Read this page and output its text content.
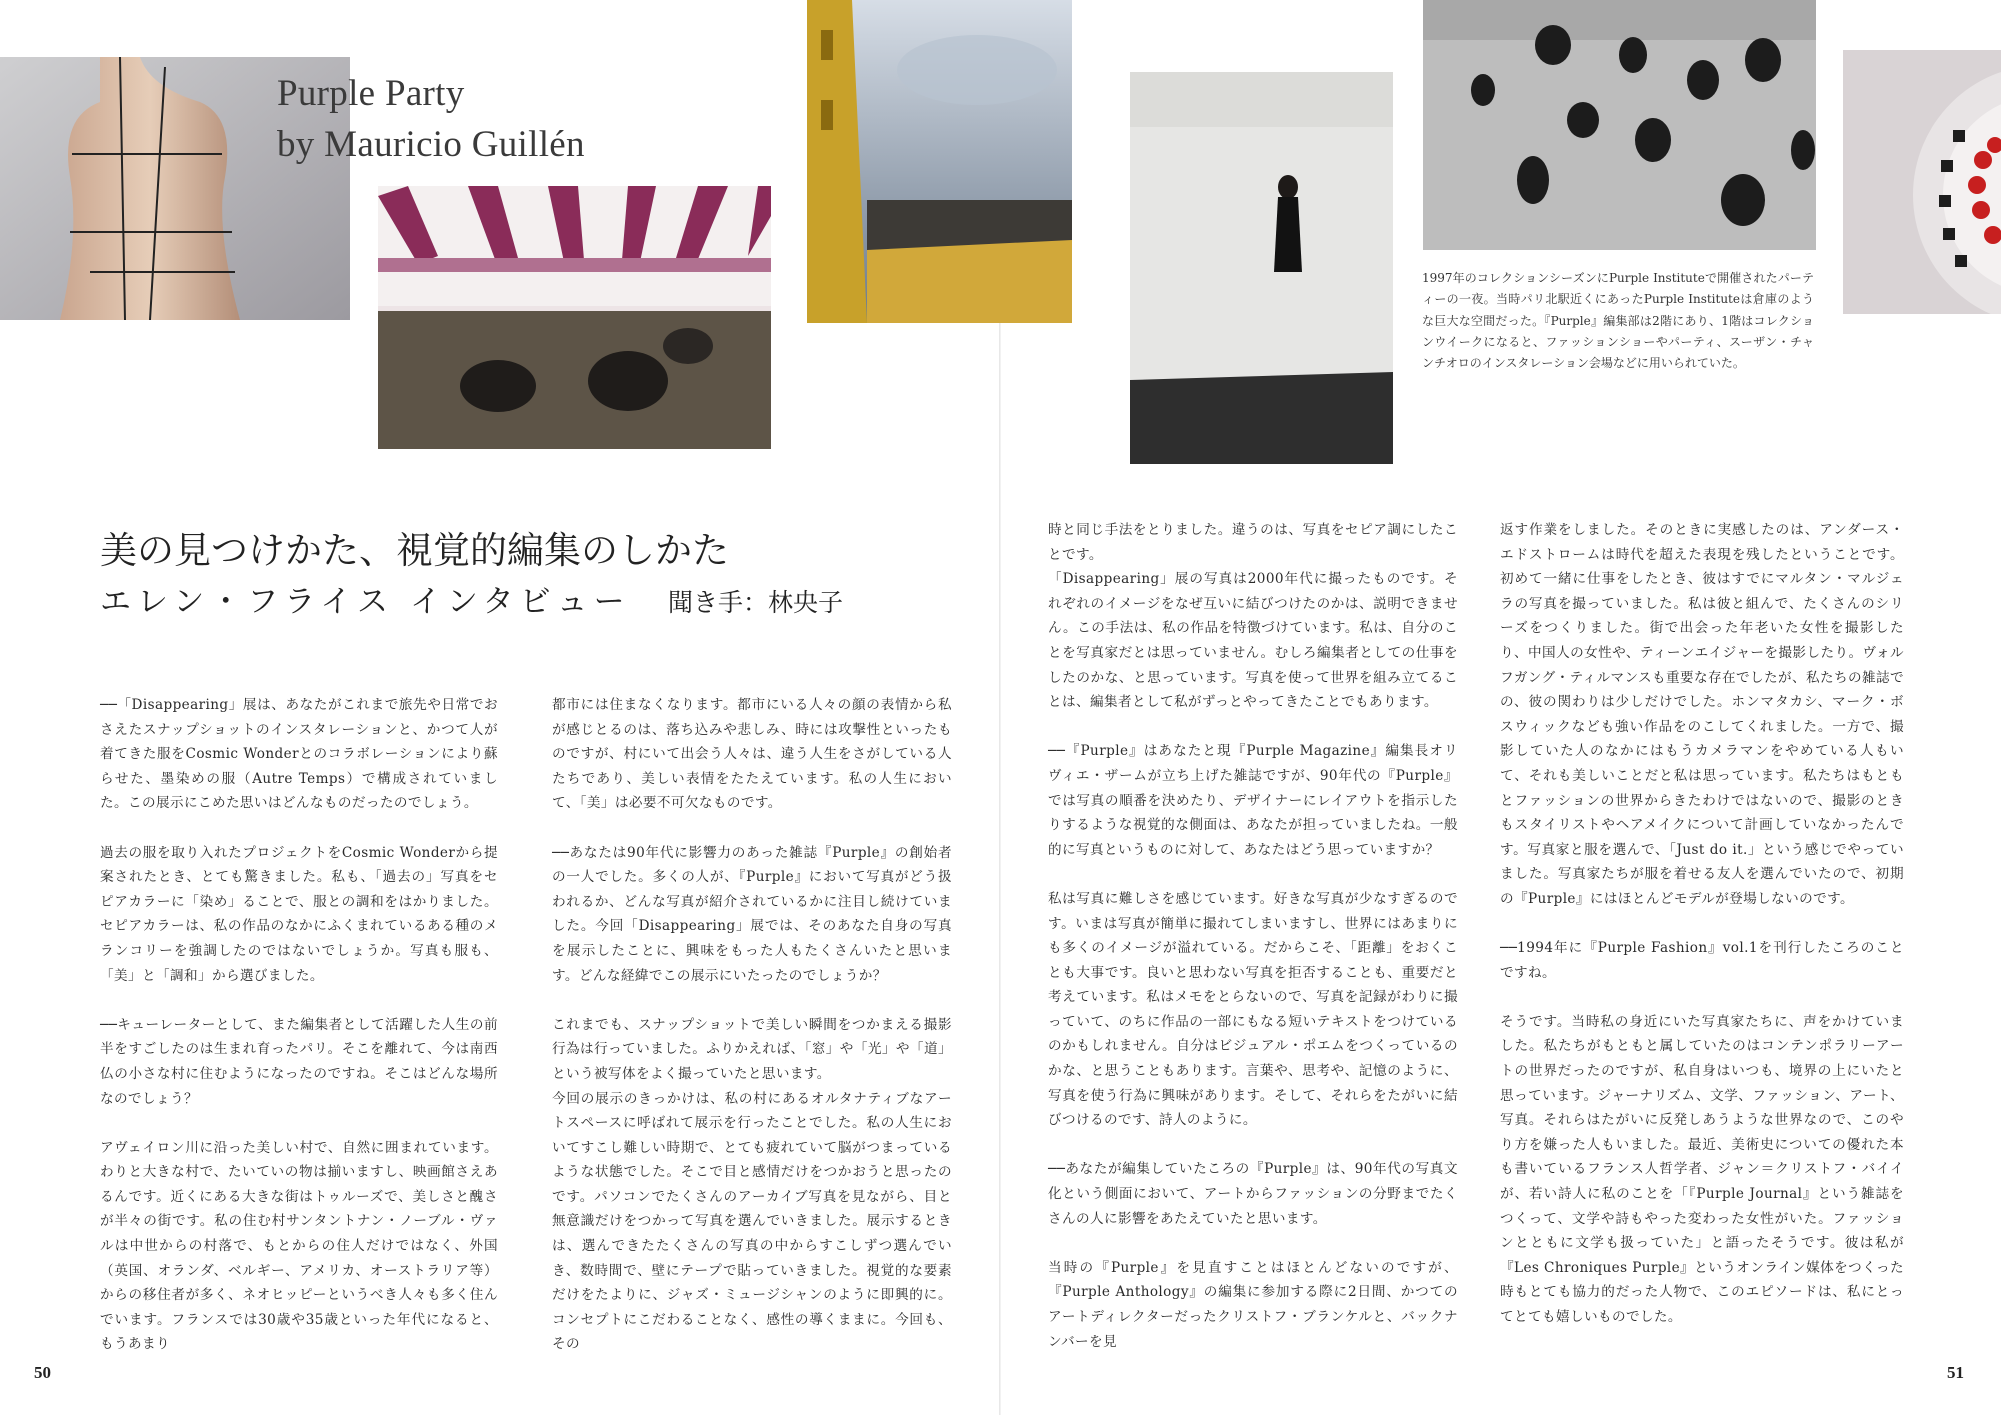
Purple Party
by Mauricio Guillén
1997年のコレクションシーズンにPurple Instituteで開催されたパーティーの一夜。当時パリ北駅近くにあったPurple Instituteは倉庫のような巨大な空間だった。『Purple』編集部は2階にあり、1階はコレクションウイークになると、ファッションショーやパーティ、スーザン・チャンチオロのインスタレーション会場などに用いられていた。
美の見つけかた、視覚的編集のしかた
エレン・フライス インタビュー 聞き手：林央子

──「Disappearing」展は、あなたがこれまで旅先や日常でおさえたスナップショットのインスタレーションと、かつて人が着てきた服をCosmic Wonderとのコラボレーションにより蘇らせた、墨染めの服（Autre Temps）で構成されていました。この展示にこめた思いはどんなものだったのでしょう。

過去の服を取り入れたプロジェクトをCosmic Wonderから提案されたとき、とても驚きました。私も、「過去の」写真をセピアカラーに「染め」ることで、服との調和をはかりました。セピアカラーは、私の作品のなかにふくまれているある種のメランコリーを強調したのではないでしょうか。写真も服も、「美」と「調和」から選びました。

──キューレーターとして、また編集者として活躍した人生の前半をすごしたのは生まれ育ったパリ。そこを離れて、今は南西仏の小さな村に住むようになったのですね。そこはどんな場所なのでしょう？

アヴェイロン川に沿った美しい村で、自然に囲まれています。わりと大きな村で、たいていの物は揃いますし、映画館さえあるんです。近くにある大きな街はトゥルーズで、美しさと醜さが半々の街です。私の住む村サンタントナン・ノーブル・ヴァルは中世からの村落で、もとからの住人だけではなく、外国（英国、オランダ、ベルギー、アメリカ、オーストラリア等）からの移住者が多く、ネオヒッピーというべき人々も多く住んでいます。フランスでは30歳や35歳といった年代になると、もうあまり

都市には住まなくなります。都市にいる人々の顔の表情から私が感じとるのは、落ち込みや悲しみ、時には攻撃性といったものですが、村にいて出会う人々は、違う人生をさがしている人たちであり、美しい表情をたたえています。私の人生において、「美」は必要不可欠なものです。

──あなたは90年代に影響力のあった雑誌『Purple』の創始者の一人でした。多くの人が、『Purple』において写真がどう扱われるか、どんな写真が紹介されているかに注目し続けていました。今回「Disappearing」展では、そのあなた自身の写真を展示したことに、興味をもった人もたくさんいたと思います。どんな経緯でこの展示にいたったのでしょうか？

これまでも、スナップショットで美しい瞬間をつかまえる撮影行為は行っていました。ふりかえれば、「窓」や「光」や「道」という被写体をよく撮っていたと思います。

今回の展示のきっかけは、私の村にあるオルタナティブなアートスペースに呼ばれて展示を行ったことでした。私の人生においてすこし難しい時期で、とても疲れていて脳がつまっているような状態でした。そこで目と感情だけをつかおうと思ったのです。パソコンでたくさんのアーカイブ写真を見ながら、目と無意識だけをつかって写真を選んでいきました。展示するときは、選んできたたくさんの写真の中からすこしずつ選んでいき、数時間で、壁にテープで貼っていきました。視覚的な要素だけをたよりに、ジャズ・ミュージシャンのように即興的に。コンセプトにこだわることなく、感性の導くままに。今回も、その

時と同じ手法をとりました。違うのは、写真をセピア調にしたことです。

「Disappearing」展の写真は2000年代に撮ったものです。それぞれのイメージをなぜ互いに結びつけたのかは、説明できません。この手法は、私の作品を特徴づけています。私は、自分のことを写真家だとは思っていません。むしろ編集者としての仕事をしたのかな、と思っています。写真を使って世界を組み立てることは、編集者として私がずっとやってきたことでもあります。

──『Purple』はあなたと現『Purple Magazine』編集長オリヴィエ・ザームが立ち上げた雑誌ですが、90年代の『Purple』では写真の順番を決めたり、デザイナーにレイアウトを指示したりするような視覚的な側面は、あなたが担っていましたね。一般的に写真というものに対して、あなたはどう思っていますか？

私は写真に難しさを感じています。好きな写真が少なすぎるのです。いまは写真が簡単に撮れてしまいますし、世界にはあまりにも多くのイメージが溢れている。だからこそ、「距離」をおくことも大事です。良いと思わない写真を拒否することも、重要だと考えています。私はメモをとらないので、写真を記録がわりに撮っていて、のちに作品の一部にもなる短いテキストをつけているのかもしれません。自分はビジュアル・ポエムをつくっているのかな、と思うこともあります。言葉や、思考や、記憶のように、写真を使う行為に興味があります。そして、それらをたがいに結びつけるのです、詩人のように。

──あなたが編集していたころの『Purple』は、90年代の写真文化という側面において、アートからファッションの分野までたくさんの人に影響をあたえていたと思います。

当時の『Purple』を見直すことはほとんどないのですが、『Purple Anthology』の編集に参加する際に2日間、かつてのアートディレクターだったクリストフ・ブランケルと、バックナンバーを見

返す作業をしました。そのときに実感したのは、アンダース・エドストロームは時代を超えた表現を残したということです。初めて一緒に仕事をしたとき、彼はすでにマルタン・マルジェラの写真を撮っていました。私は彼と組んで、たくさんのシリーズをつくりました。街で出会った年老いた女性を撮影したり、中国人の女性や、ティーンエイジャーを撮影したり。ヴォルフガング・ティルマンスも重要な存在でしたが、私たちの雑誌での、彼の関わりは少しだけでした。ホンマタカシ、マーク・ボスウィックなども強い作品をのこしてくれました。一方で、撮影していた人のなかにはもうカメラマンをやめている人もいて、それも美しいことだと私は思っています。私たちはもともとファッションの世界からきたわけではないので、撮影のときもスタイリストやヘアメイクについて計画していなかったんです。写真家と服を選んで、「Just do it.」という感じでやっていました。写真家たちが服を着せる友人を選んでいたので、初期の『Purple』にはほとんどモデルが登場しないのです。

──1994年に『Purple Fashion』vol.1を刊行したころのことですね。

そうです。当時私の身近にいた写真家たちに、声をかけていました。私たちがもともと属していたのはコンテンポラリーアートの世界だったのですが、私自身はいつも、境界の上にいたと思っています。ジャーナリズム、文学、ファッション、アート、写真。それらはたがいに反発しあうような世界なので、このやり方を嫌った人もいました。最近、美術史についての優れた本も書いているフランス人哲学者、ジャン＝クリストフ・バイイが、若い詩人に私のことを「『Purple Journal』という雑誌をつくって、文学や詩もやった変わった女性がいた。ファッションとともに文学も扱っていた」と語ったそうです。彼は私が『Les Chroniques Purple』というオンライン媒体をつくった時もとても協力的だった人物で、このエピソードは、私にとってとても嬉しいものでした。

50	51
